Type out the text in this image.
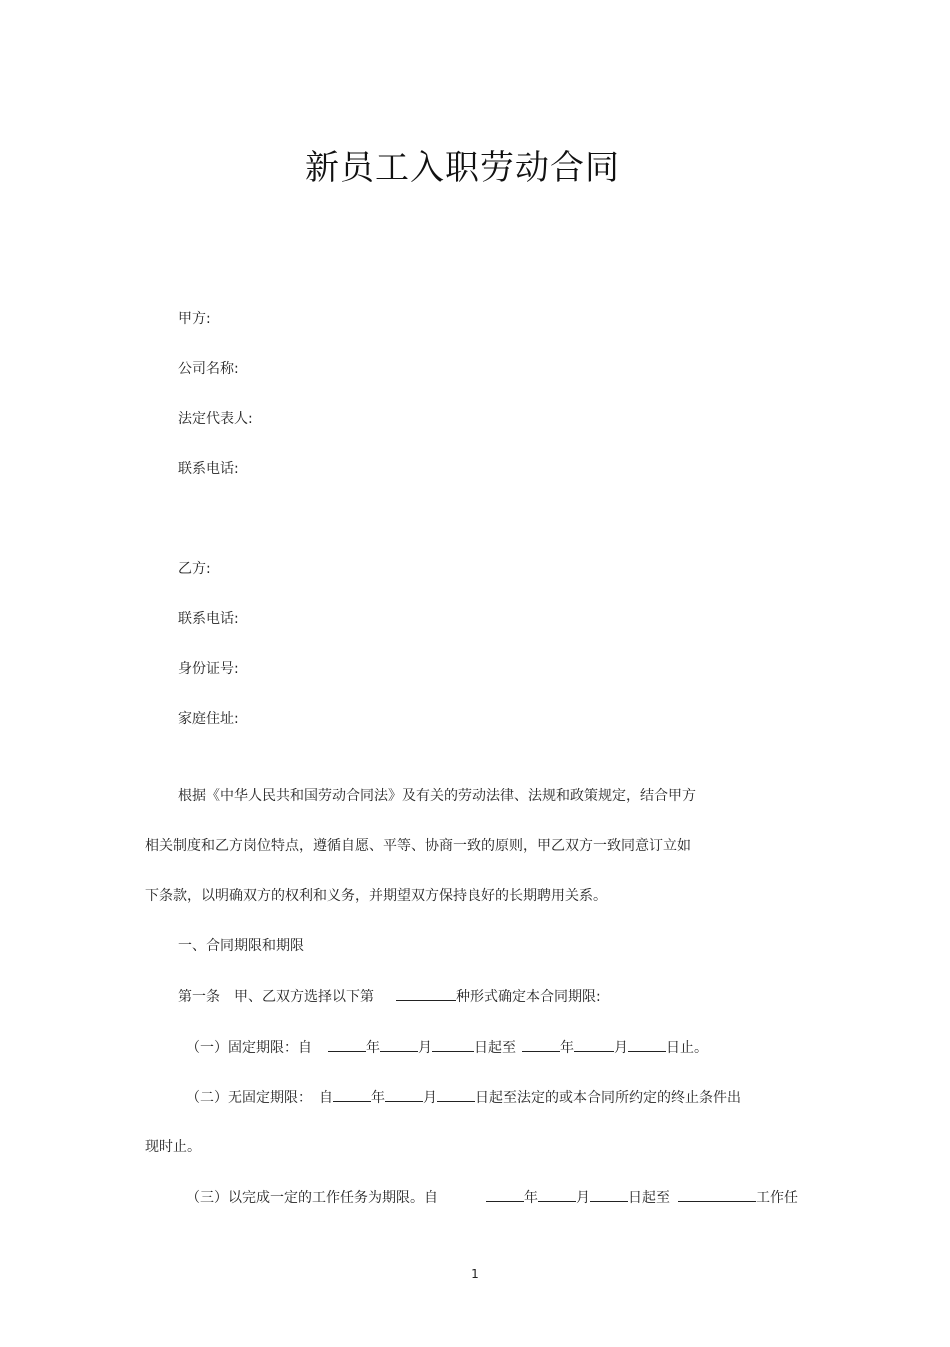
新员工入职劳动合同
甲方:
公司名称:
法定代表人:
联系电话:
乙方:
联系电话:
身份证号:
家庭住址:
根据《中华人民共和国劳动合同法》及有关的劳动法律、法规和政策规定，结合甲方
相关制度和乙方岗位特点，遵循自愿、平等、协商一致的原则，甲乙双方一致同意订立如
下条款，以明确双方的权利和义务，并期望双方保持良好的长期聘用关系。
一、合同期限和期限
第一条　甲、乙双方选择以下第	种形式确定本合同期限:
（一）固定期限：自	年	月	日起至	年	月	日止。
（二）无固定期限：　自	年	月	日起至法定的或本合同所约定的终止条件出
现时止。
（三）以完成一定的工作任务为期限。自	年	月	日起至	工作任
1
